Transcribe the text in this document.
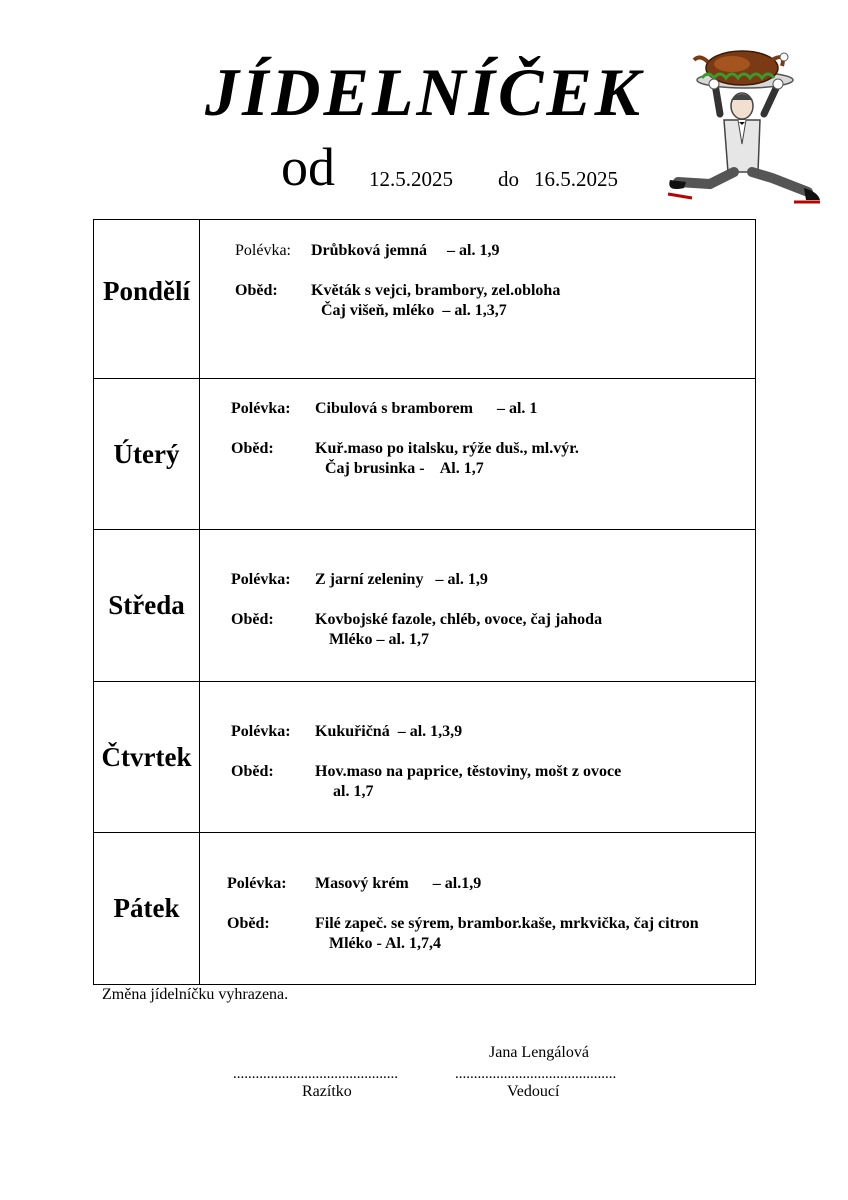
JÍDELNÍČEK
od 12.5.2025 do 16.5.2025
Pondělí	Polévka: Drůbková jemná     – al. 1,9
Oběd: Květák s vejci, brambory, zel.obloha
Čaj višeň, mléko  – al. 1,3,7

Úterý	Polévka: Cibulová s bramborem      – al. 1
Oběd: Kuř.maso po italsku, rýže duš., ml.výr.
Čaj brusinka -    Al. 1,7

Středa	Polévka: Z jarní zeleniny   – al. 1,9
Oběd: Kovbojské fazole, chléb, ovoce, čaj jahoda
Mléko – al. 1,7

Čtvrtek	Polévka: Kukuřičná  – al. 1,3,9
Oběd: Hov.maso na paprice, těstoviny, mošt z ovoce
al. 1,7

Pátek	Polévka: Masový krém      – al.1,9
Oběd: Filé zapeč. se sýrem, brambor.kaše, mrkvička, čaj citron
Mléko - Al. 1,7,4
Změna jídelníčku vyhrazena.
Jana Lengálová
............................................	...........................................
Razítko	Vedoucí
